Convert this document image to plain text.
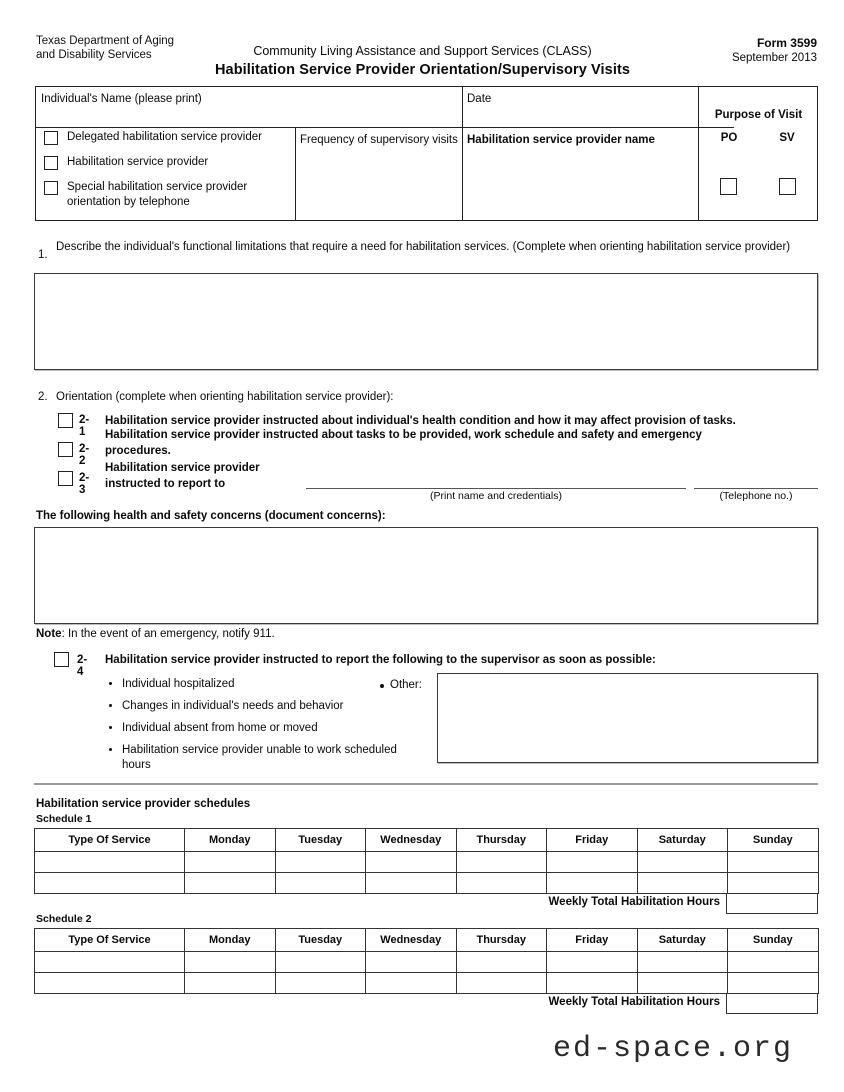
Texas Department of Aging
and Disability Services	Community Living Assistance and Support Services (CLASS)
Habilitation Service Provider Orientation/Supervisory Visits
Form 3599
September 2013
Individual's Name (please print)	Date
Frequency of supervisory visits Habilitation service provider name
Delegated habilitation service provider
Habilitation service provider
Special habilitation service provider orientation by telephone
Purpose of Visit
PO	SV
1.
Describe the individual's functional limitations that require a need for habilitation services. (Complete when orienting habilitation service provider)
2. Orientation (complete when orienting habilitation service provider):
2-1
Habilitation service provider instructed about individual's health condition and how it may affect provision of tasks.
2-2
Habilitation service provider instructed about tasks to be provided, work schedule and safety and emergency procedures.
2-3
Habilitation service provider instructed to report to
(Print name and credentials)	(Telephone no.)
The following health and safety concerns (document concerns):
Note: In the event of an emergency, notify 911.
2-4
Habilitation service provider instructed to report the following to the supervisor as soon as possible:
• Individual hospitalized
• Changes in individual's needs and behavior
• Individual absent from home or moved
• Habilitation service provider unable to work scheduled hours
Other:
Habilitation service provider schedules
Schedule 1
Type Of Service	Monday	Tuesday	Wednesday	Thursday	Friday	Saturday	Sunday

Weekly Total Habilitation Hours
Schedule 2
Type Of Service	Monday	Tuesday	Wednesday	Thursday	Friday	Saturday	Sunday

Weekly Total Habilitation Hours
ed-space.org
